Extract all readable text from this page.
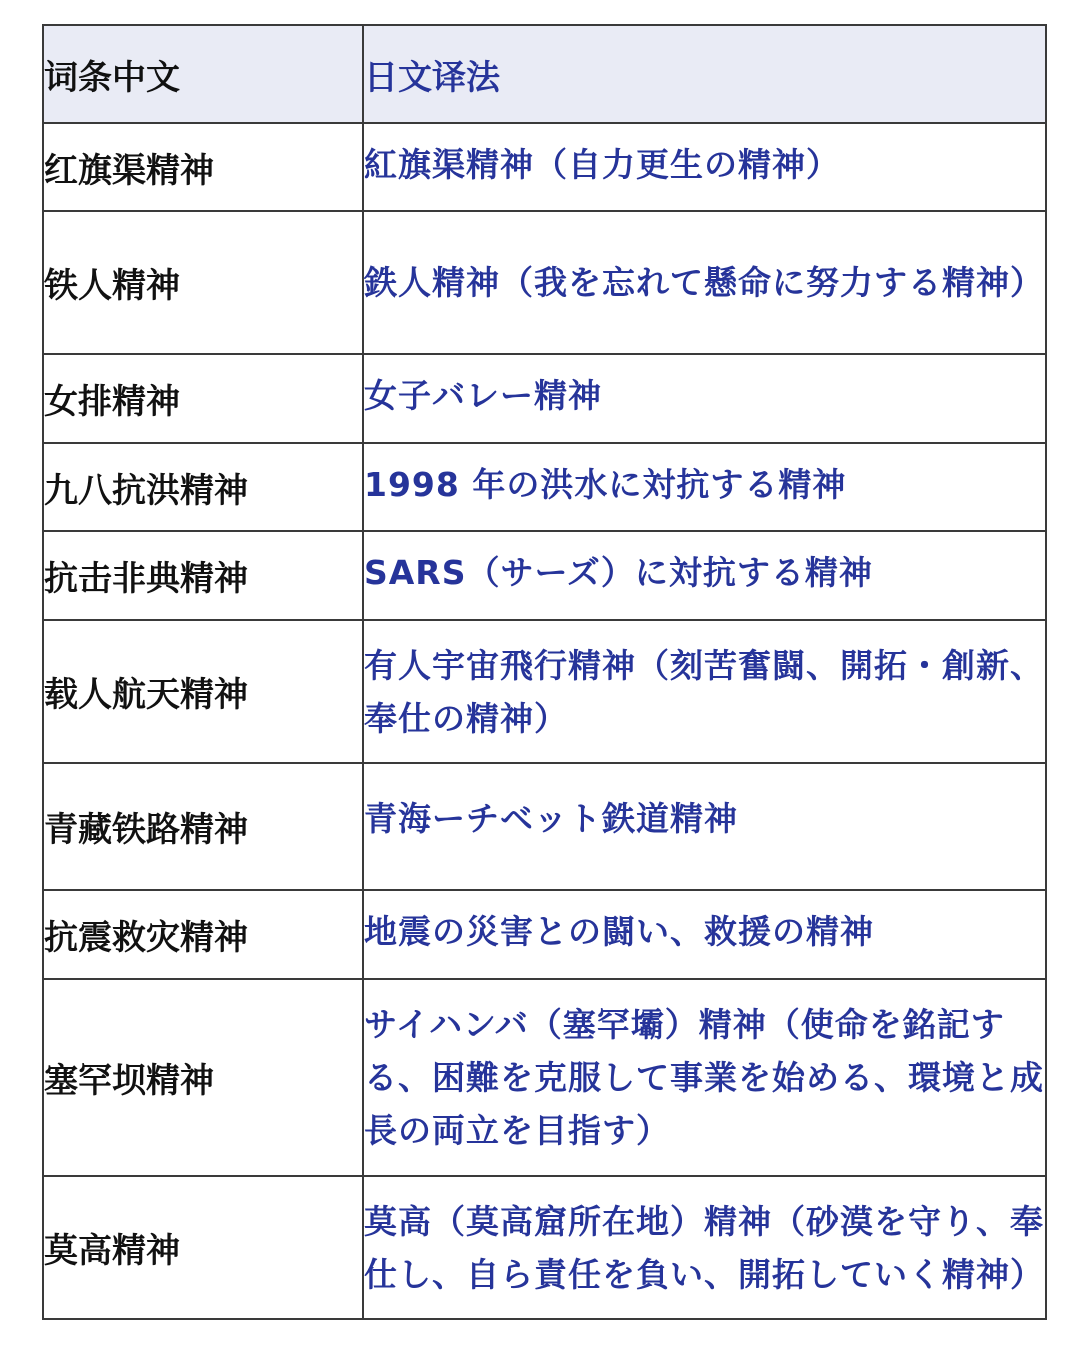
词条中文	日文译法
红旗渠精神	紅旗渠精神（自力更生の精神）
铁人精神	鉄人精神（我を忘れて懸命に努力する精神）
女排精神	女子バレー精神
九八抗洪精神	1998 年の洪水に対抗する精神
抗击非典精神	SARS（サーズ）に対抗する精神
载人航天精神	有人宇宙飛行精神（刻苦奮闘、開拓・創新、奉仕の精神）
青藏铁路精神	青海ーチベット鉄道精神
抗震救灾精神	地震の災害との闘い、救援の精神
塞罕坝精神	サイハンバ（塞罕壩）精神（使命を銘記する、困難を克服して事業を始める、環境と成長の両立を目指す）
莫高精神	莫高（莫高窟所在地）精神（砂漠を守り、奉仕し、自ら責任を負い、開拓していく精神）
